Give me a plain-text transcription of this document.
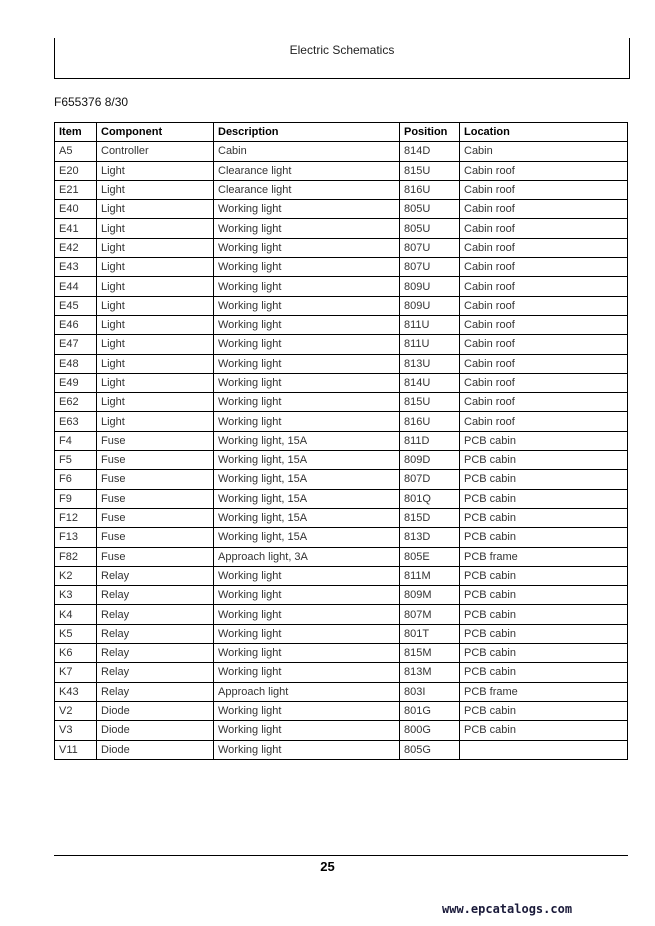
Electric Schematics
F655376 8/30
Item	Component	Description	Position	Location
A5	Controller	Cabin	814D	Cabin
E20	Light	Clearance light	815U	Cabin roof
E21	Light	Clearance light	816U	Cabin roof
E40	Light	Working light	805U	Cabin roof
E41	Light	Working light	805U	Cabin roof
E42	Light	Working light	807U	Cabin roof
E43	Light	Working light	807U	Cabin roof
E44	Light	Working light	809U	Cabin roof
E45	Light	Working light	809U	Cabin roof
E46	Light	Working light	811U	Cabin roof
E47	Light	Working light	811U	Cabin roof
E48	Light	Working light	813U	Cabin roof
E49	Light	Working light	814U	Cabin roof
E62	Light	Working light	815U	Cabin roof
E63	Light	Working light	816U	Cabin roof
F4	Fuse	Working light, 15A	811D	PCB cabin
F5	Fuse	Working light, 15A	809D	PCB cabin
F6	Fuse	Working light, 15A	807D	PCB cabin
F9	Fuse	Working light, 15A	801Q	PCB cabin
F12	Fuse	Working light, 15A	815D	PCB cabin
F13	Fuse	Working light, 15A	813D	PCB cabin
F82	Fuse	Approach light, 3A	805E	PCB frame
K2	Relay	Working light	811M	PCB cabin
K3	Relay	Working light	809M	PCB cabin
K4	Relay	Working light	807M	PCB cabin
K5	Relay	Working light	801T	PCB cabin
K6	Relay	Working light	815M	PCB cabin
K7	Relay	Working light	813M	PCB cabin
K43	Relay	Approach light	803I	PCB frame
V2	Diode	Working light	801G	PCB cabin
V3	Diode	Working light	800G	PCB cabin
V11	Diode	Working light	805G	
25
www.epcatalogs.com
